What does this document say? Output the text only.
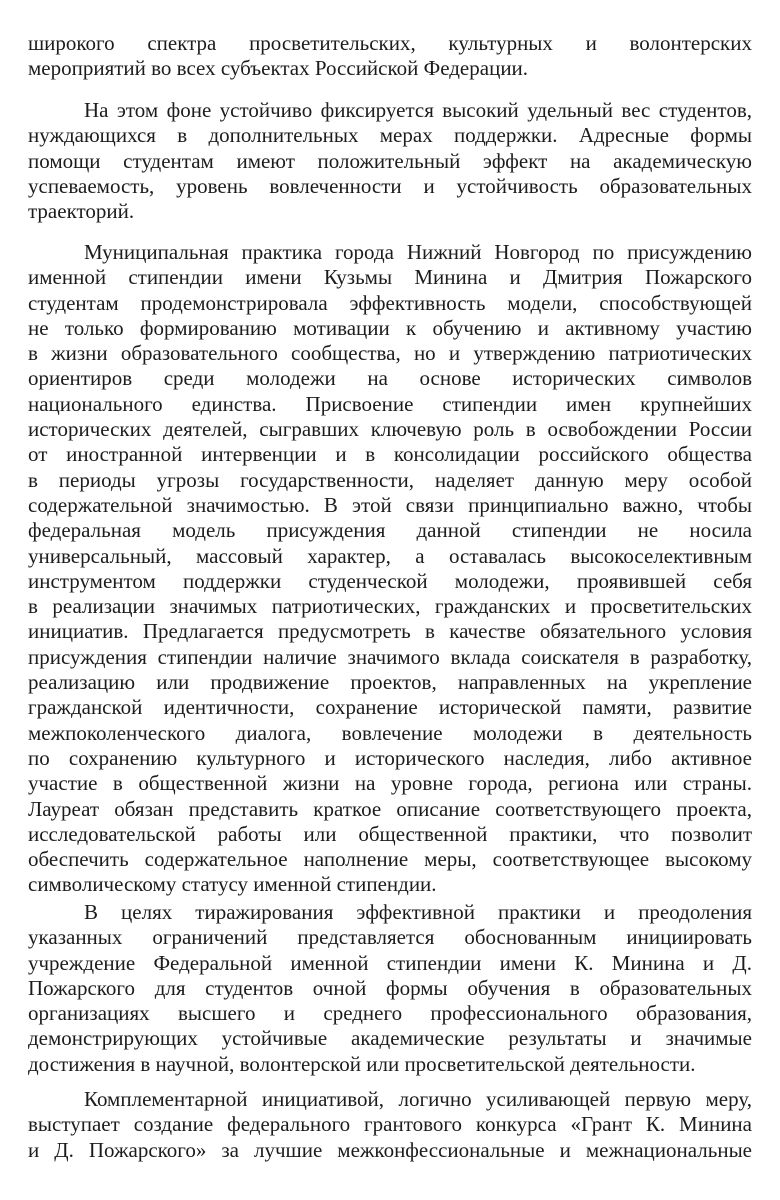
широкого спектра просветительских, культурных и волонтерских
мероприятий во всех субъектах Российской Федерации.
На этом фоне устойчиво фиксируется высокий удельный вес студентов,
нуждающихся в дополнительных мерах поддержки. Адресные формы
помощи студентам имеют положительный эффект на академическую
успеваемость, уровень вовлеченности и устойчивость образовательных
траекторий.
Муниципальная практика города Нижний Новгород по присуждению
именной стипендии имени Кузьмы Минина и Дмитрия Пожарского
студентам продемонстрировала эффективность модели, способствующей
не только формированию мотивации к обучению и активному участию
в жизни образовательного сообщества, но и утверждению патриотических
ориентиров среди молодежи на основе исторических символов
национального единства. Присвоение стипендии имен крупнейших
исторических деятелей, сыгравших ключевую роль в освобождении России
от иностранной интервенции и в консолидации российского общества
в периоды угрозы государственности, наделяет данную меру особой
содержательной значимостью. В этой связи принципиально важно, чтобы
федеральная модель присуждения данной стипендии не носила
универсальный, массовый характер, а оставалась высокоселективным
инструментом поддержки студенческой молодежи, проявившей себя
в реализации значимых патриотических, гражданских и просветительских
инициатив. Предлагается предусмотреть в качестве обязательного условия
присуждения стипендии наличие значимого вклада соискателя в разработку,
реализацию или продвижение проектов, направленных на укрепление
гражданской идентичности, сохранение исторической памяти, развитие
межпоколенческого диалога, вовлечение молодежи в деятельность
по сохранению культурного и исторического наследия, либо активное
участие в общественной жизни на уровне города, региона или страны.
Лауреат обязан представить краткое описание соответствующего проекта,
исследовательской работы или общественной практики, что позволит
обеспечить содержательное наполнение меры, соответствующее высокому
символическому статусу именной стипендии.
В целях тиражирования эффективной практики и преодоления
указанных ограничений представляется обоснованным инициировать
учреждение Федеральной именной стипендии имени К. Минина и Д.
Пожарского для студентов очной формы обучения в образовательных
организациях высшего и среднего профессионального образования,
демонстрирующих устойчивые академические результаты и значимые
достижения в научной, волонтерской или просветительской деятельности.
Комплементарной инициативой, логично усиливающей первую меру,
выступает создание федерального грантового конкурса «Грант К. Минина
и Д. Пожарского» за лучшие межконфессиональные и межнациональные
